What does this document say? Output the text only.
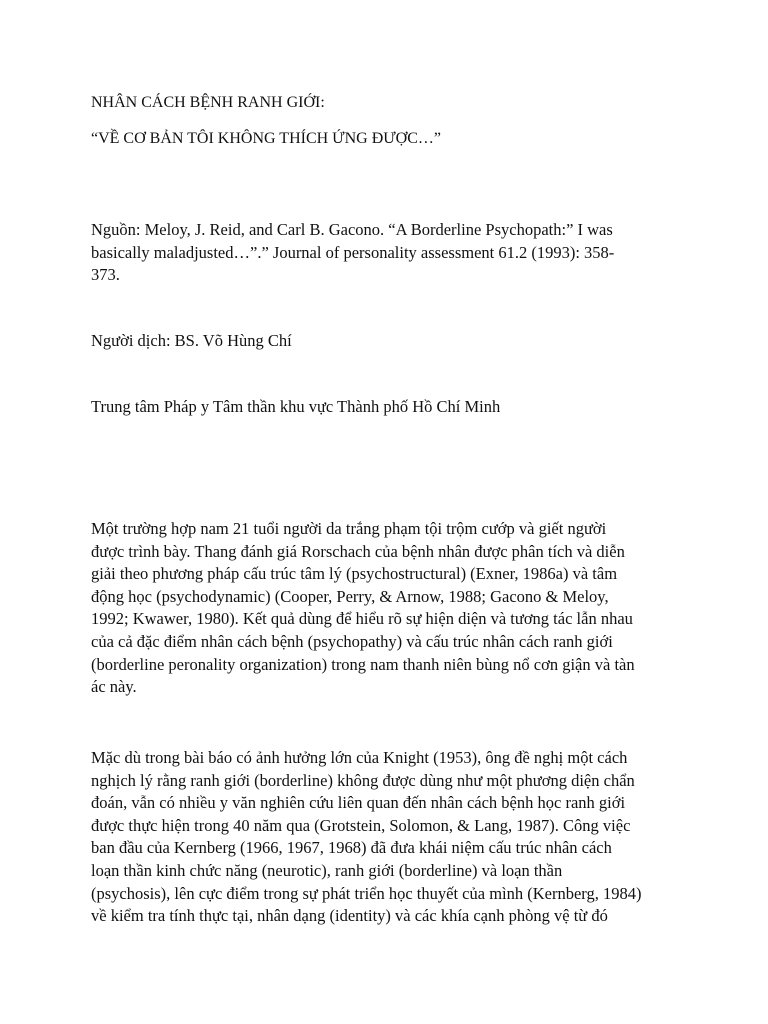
NHÂN CÁCH BỆNH RANH GIỚI:
“VỀ CƠ BẢN TÔI KHÔNG THÍCH ỨNG ĐƯỢC…”
Nguồn: Meloy, J. Reid, and Carl B. Gacono. “A Borderline Psychopath:” I was
basically maladjusted…”.” Journal of personality assessment 61.2 (1993): 358-
373.
Người dịch: BS. Võ Hùng Chí
Trung tâm Pháp y Tâm thần khu vực Thành phố Hồ Chí Minh
Một trường hợp nam 21 tuổi người da trắng phạm tội trộm cướp và giết người
được trình bày. Thang đánh giá Rorschach của bệnh nhân được phân tích và diễn
giải theo phương pháp cấu trúc tâm lý (psychostructural) (Exner, 1986a) và tâm
động học (psychodynamic) (Cooper, Perry, & Arnow, 1988; Gacono & Meloy,
1992; Kwawer, 1980). Kết quả dùng để hiểu rõ sự hiện diện và tương tác lẫn nhau
của cả đặc điểm nhân cách bệnh (psychopathy) và cấu trúc nhân cách ranh giới
(borderline peronality organization) trong nam thanh niên bùng nổ cơn giận và tàn
ác này.
Mặc dù trong bài báo có ảnh hưởng lớn của Knight (1953), ông đề nghị một cách
nghịch lý rằng ranh giới (borderline) không được dùng như một phương diện chẩn
đoán, vẫn có nhiều y văn nghiên cứu liên quan đến nhân cách bệnh học ranh giới
được thực hiện trong 40 năm qua (Grotstein, Solomon, & Lang, 1987). Công việc
ban đầu của Kernberg (1966, 1967, 1968) đã đưa khái niệm cấu trúc nhân cách
loạn thần kinh chức năng (neurotic), ranh giới (borderline) và loạn thần
(psychosis), lên cực điểm trong sự phát triển học thuyết của mình (Kernberg, 1984)
về kiểm tra tính thực tại, nhân dạng (identity) và các khía cạnh phòng vệ từ đó
